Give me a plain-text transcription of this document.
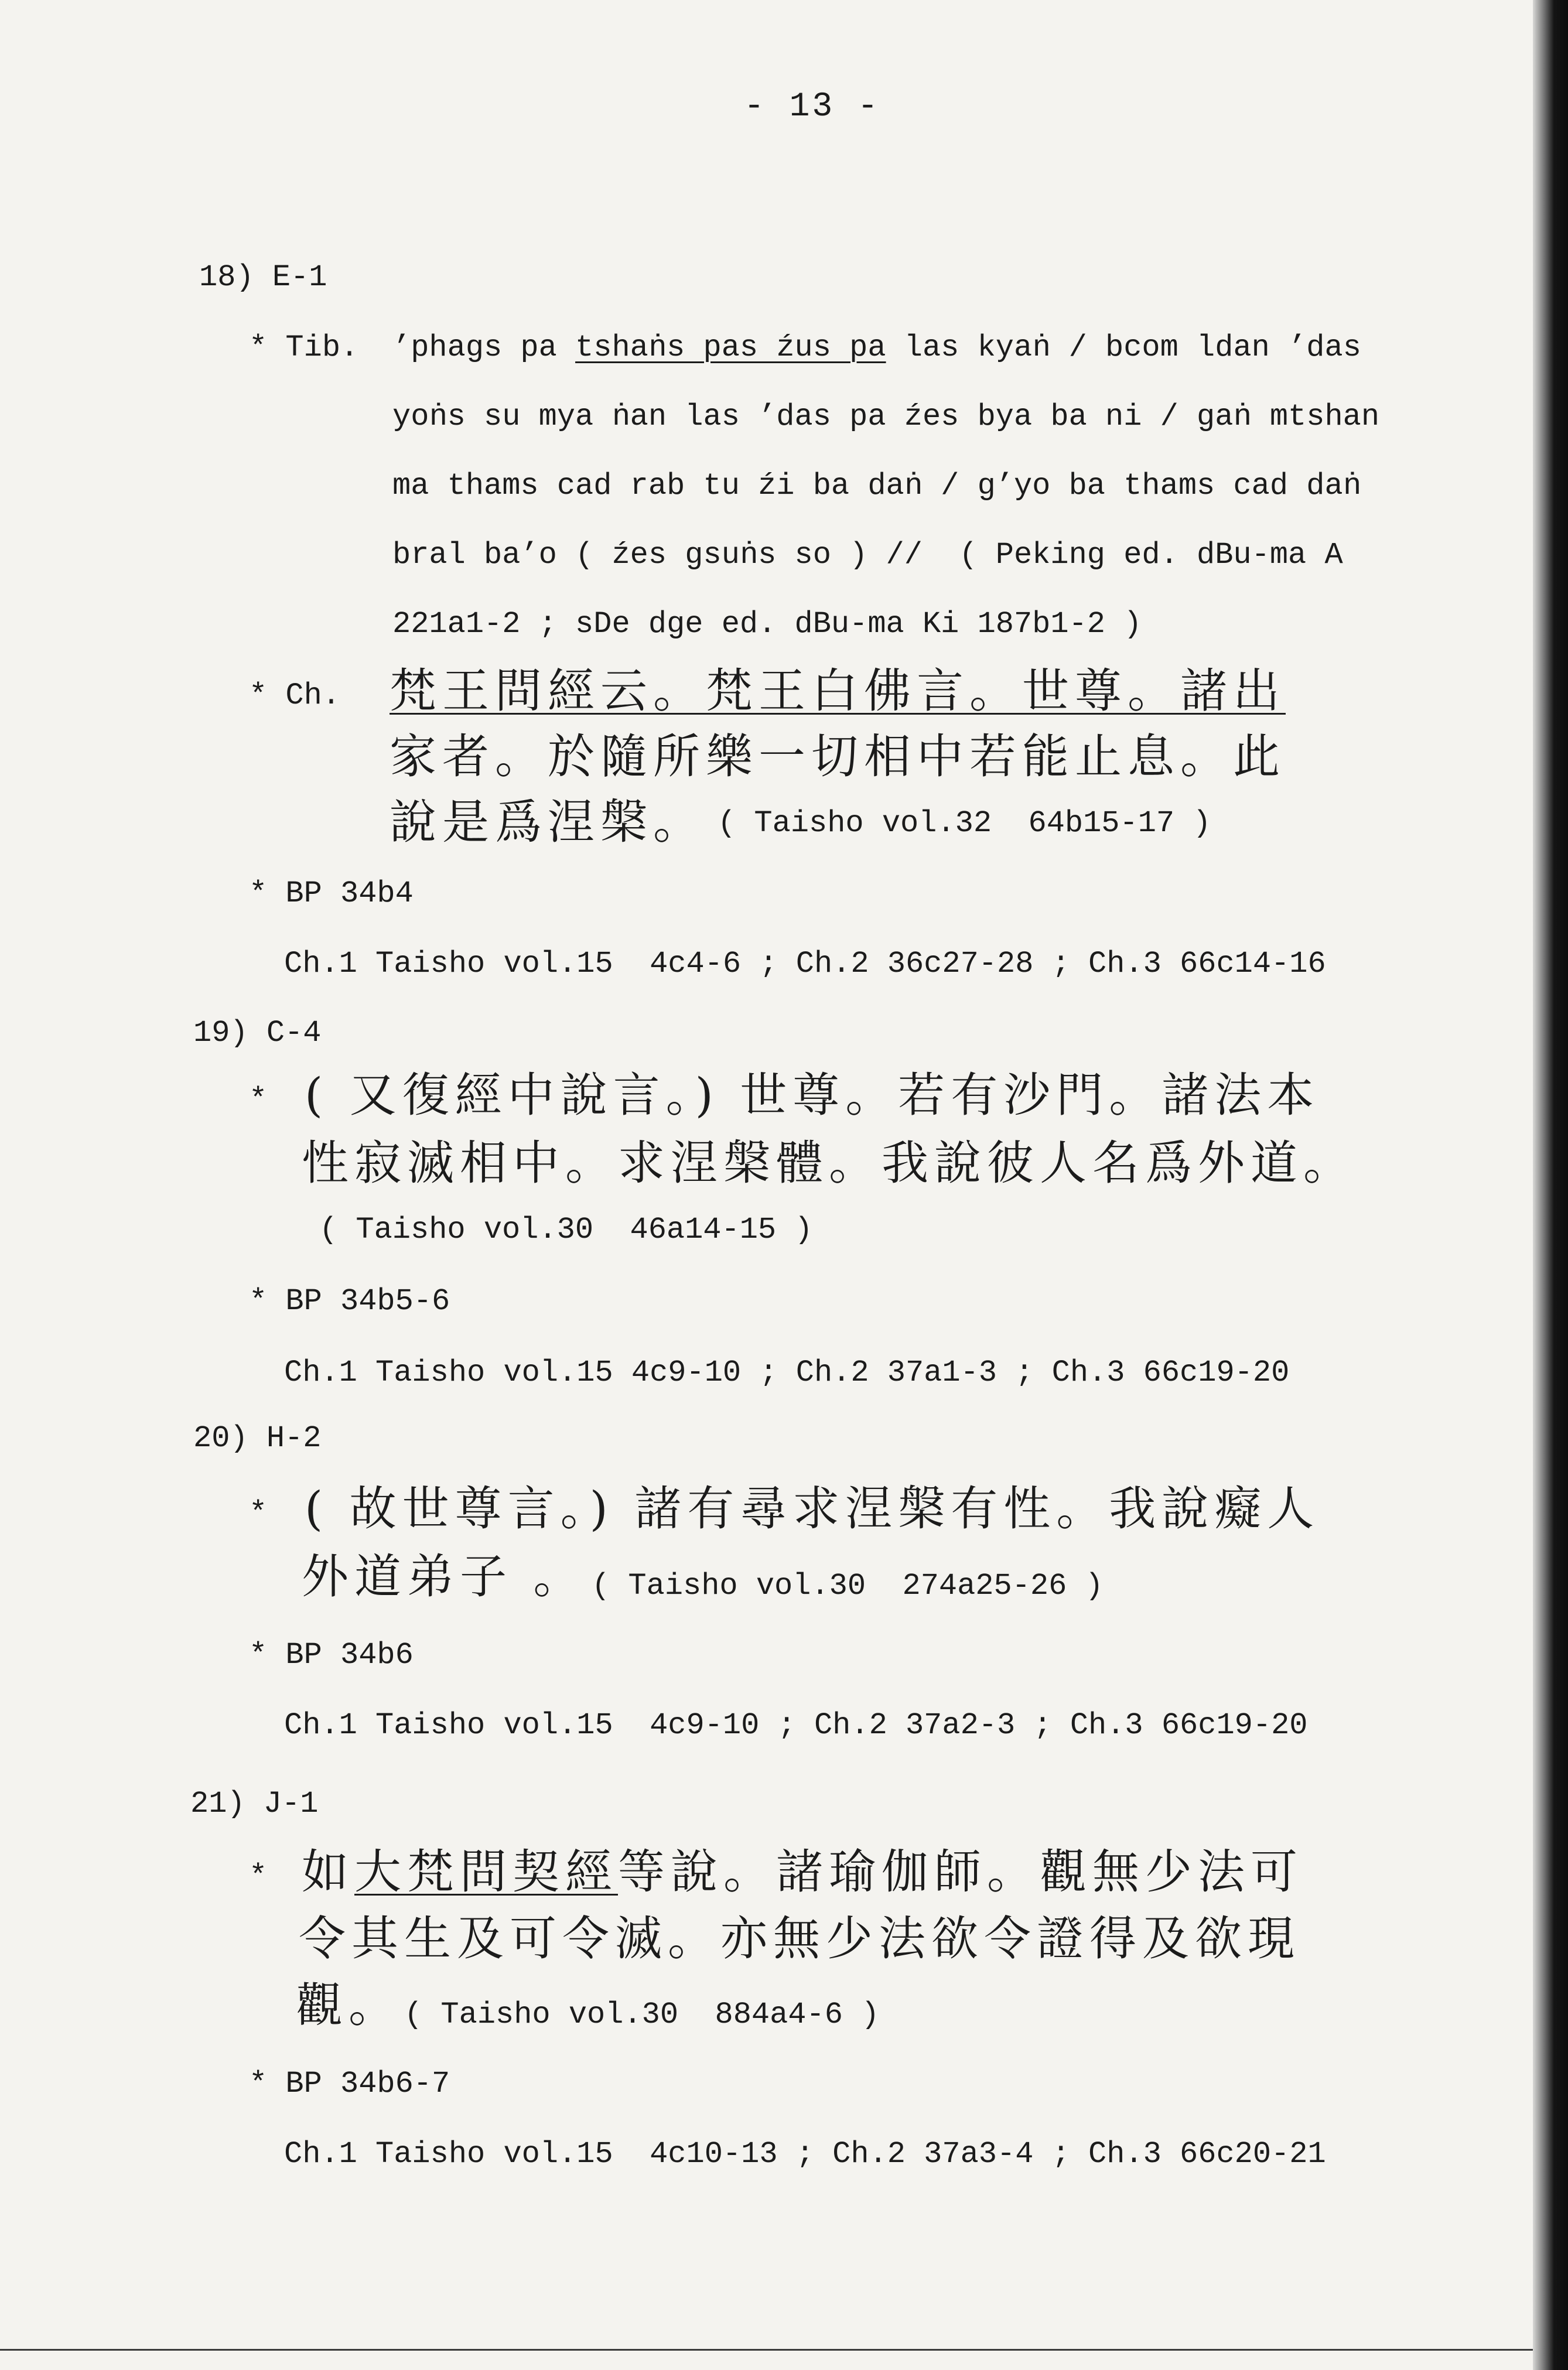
- 13 -
18) E-1
* Tib. ’phags pa tshaṅs pas źus pa las kyaṅ / bcom ldan ’das
yoṅs su mya ṅan las ’das pa źes bya ba ni / gaṅ mtshan
ma thams cad rab tu źi ba daṅ / g’yo ba thams cad daṅ
bral ba’o ( źes gsuṅs so ) //  ( Peking ed. dBu-ma A
221a1-2 ; sDe dge ed. dBu-ma Ki 187b1-2 )
* Ch. 梵王問經云。梵王白佛言。世尊。諸出
家者。於隨所樂一切相中若能止息。此
說是爲涅槃。 ( Taisho vol.32  64b15-17 )
* BP 34b4
Ch.1 Taisho vol.15  4c4-6 ; Ch.2 36c27-28 ; Ch.3 66c14-16
19) C-4
* ( 又復經中說言。) 世尊。若有沙門。諸法本
性寂滅相中。求涅槃體。我說彼人名爲外道。
( Taisho vol.30  46a14-15 )
* BP 34b5-6
Ch.1 Taisho vol.15 4c9-10 ; Ch.2 37a1-3 ; Ch.3 66c19-20
20) H-2
* ( 故世尊言。) 諸有尋求涅槃有性。我說癡人
外道弟子 。 ( Taisho vol.30  274a25-26 )
* BP 34b6
Ch.1 Taisho vol.15  4c9-10 ; Ch.2 37a2-3 ; Ch.3 66c19-20
21) J-1
* 如大梵問契經等說。諸瑜伽師。觀無少法可
令其生及可令滅。亦無少法欲令證得及欲現
觀。 ( Taisho vol.30  884a4-6 )
* BP 34b6-7
Ch.1 Taisho vol.15  4c10-13 ; Ch.2 37a3-4 ; Ch.3 66c20-21
